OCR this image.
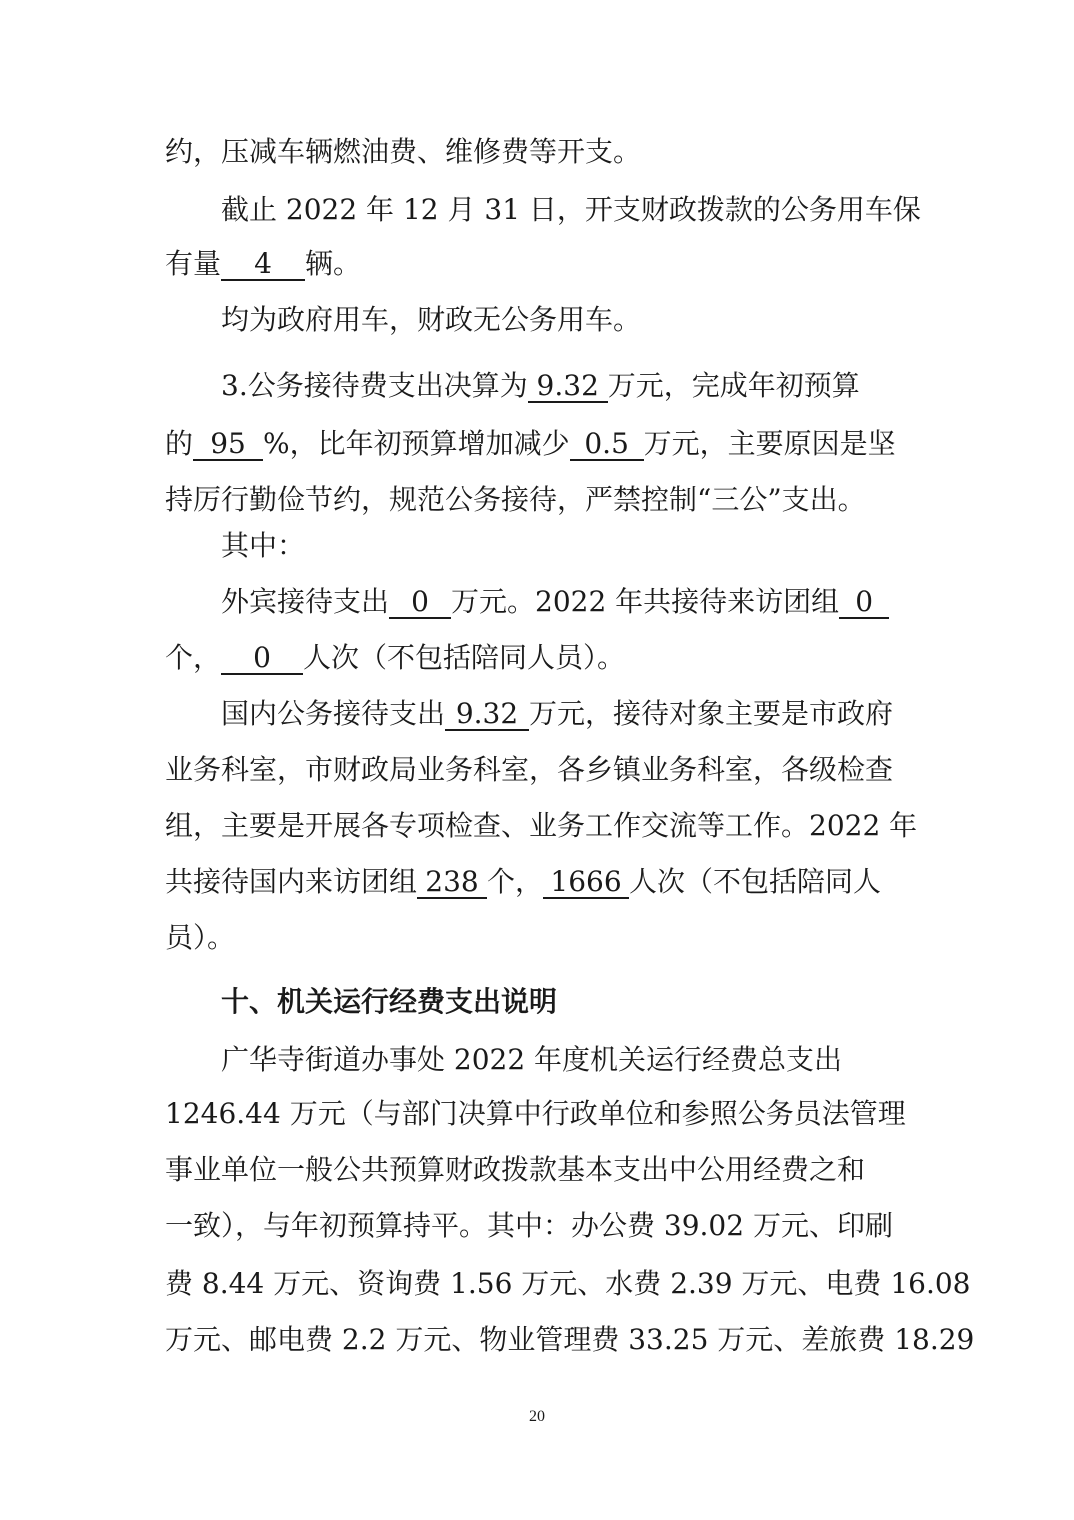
约，压减车辆燃油费、维修费等开支。
截止 2022 年 12 月 31 日，开支财政拨款的公务用车保
有量 4 辆。
均为政府用车，财政无公务用车。
3.公务接待费支出决算为 9.32 万元，完成年初预算
的 95 %，比年初预算增加减少 0.5 万元，主要原因是坚
持厉行勤俭节约，规范公务接待，严禁控制“三公”支出。
其中：
外宾接待支出 0 万元。2022 年共接待来访团组 0
个， 0 人次（不包括陪同人员）。
国内公务接待支出 9.32 万元，接待对象主要是市政府
业务科室，市财政局业务科室，各乡镇业务科室，各级检查
组，主要是开展各专项检查、业务工作交流等工作。2022 年
共接待国内来访团组 238 个， 1666 人次（不包括陪同人
员）。
十、机关运行经费支出说明
广华寺街道办事处 2022 年度机关运行经费总支出
1246.44 万元（与部门决算中行政单位和参照公务员法管理
事业单位一般公共预算财政拨款基本支出中公用经费之和
一致），与年初预算持平。其中：办公费 39.02 万元、印刷
费 8.44 万元、资询费 1.56 万元、水费 2.39 万元、电费 16.08
万元、邮电费 2.2 万元、物业管理费 33.25 万元、差旅费 18.29
20
